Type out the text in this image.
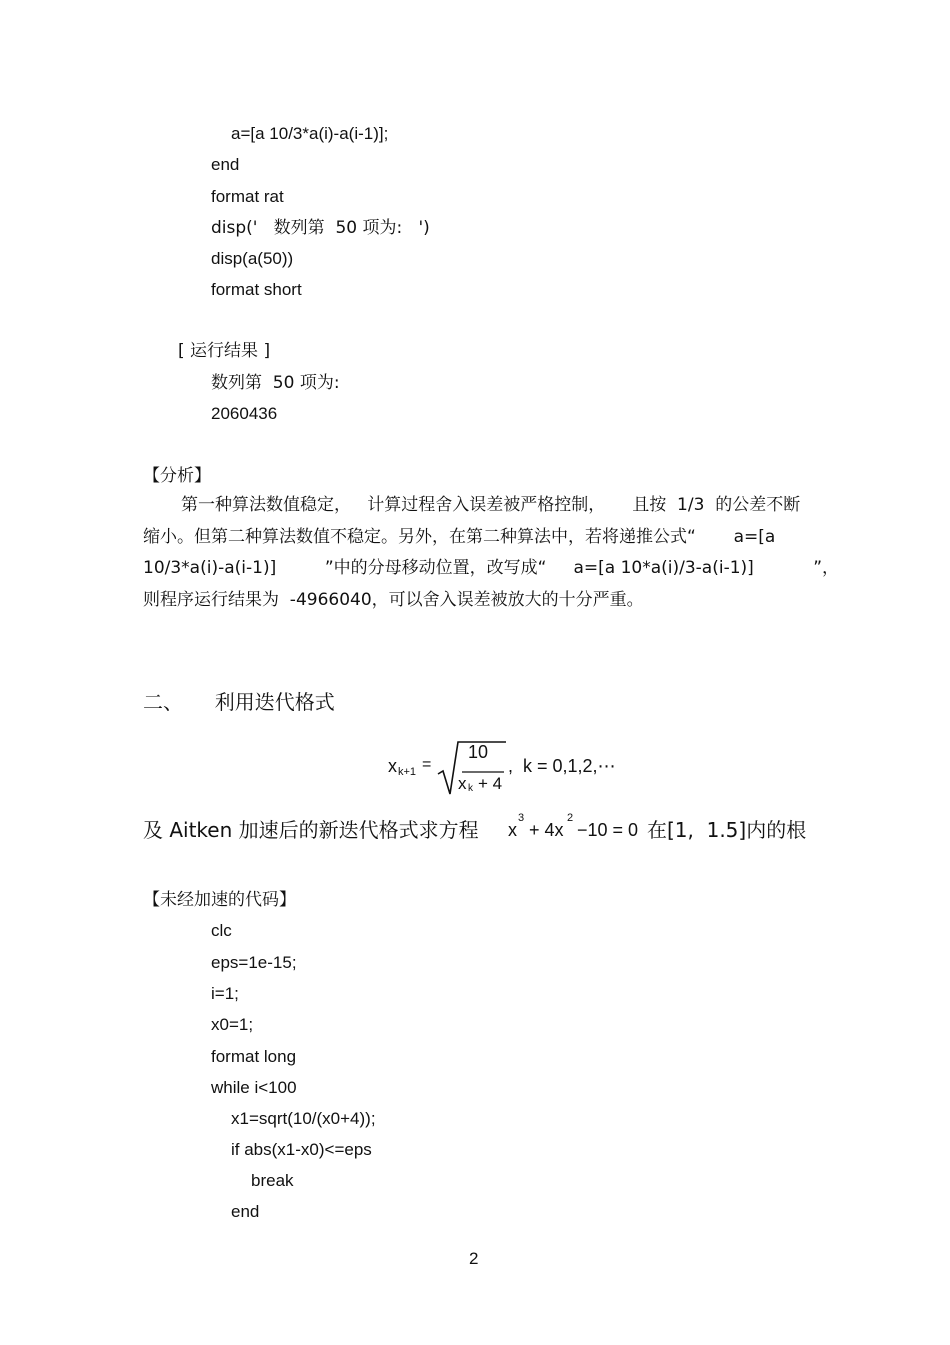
a=[a 10/3*a(i)-a(i-1)];
end
format rat
disp('   数列第  50 项为:   ')
disp(a(50))
format short
[ 运行结果 ]
数列第  50 项为:
2060436
【分析】
第一种算法数值稳定，   计算过程舍入误差被严格控制，     且按  1/3  的公差不断
缩小。但第二种算法数值不稳定。另外，在第二种算法中，若将递推公式“       a=[a
10/3*a(i)-a(i-1)]         ”中的分母移动位置，改写成“     a=[a 10*a(i)/3-a(i-1)]           ”，
则程序运行结果为  -4966040，可以舍入误差被放大的十分严重。
二、     利用迭代格式
x k+1 =
10
x k + 4
,  k = 0,1,2,⋯
及 Aitken 加速后的新迭代格式求方程 x
3
+ 4x
2
−10 = 0 在[1,  1.5]内的根
【未经加速的代码】
clc
eps=1e-15;
i=1;
x0=1;
format long
while i<100
x1=sqrt(10/(x0+4));
if abs(x1-x0)<=eps
break
end
2
